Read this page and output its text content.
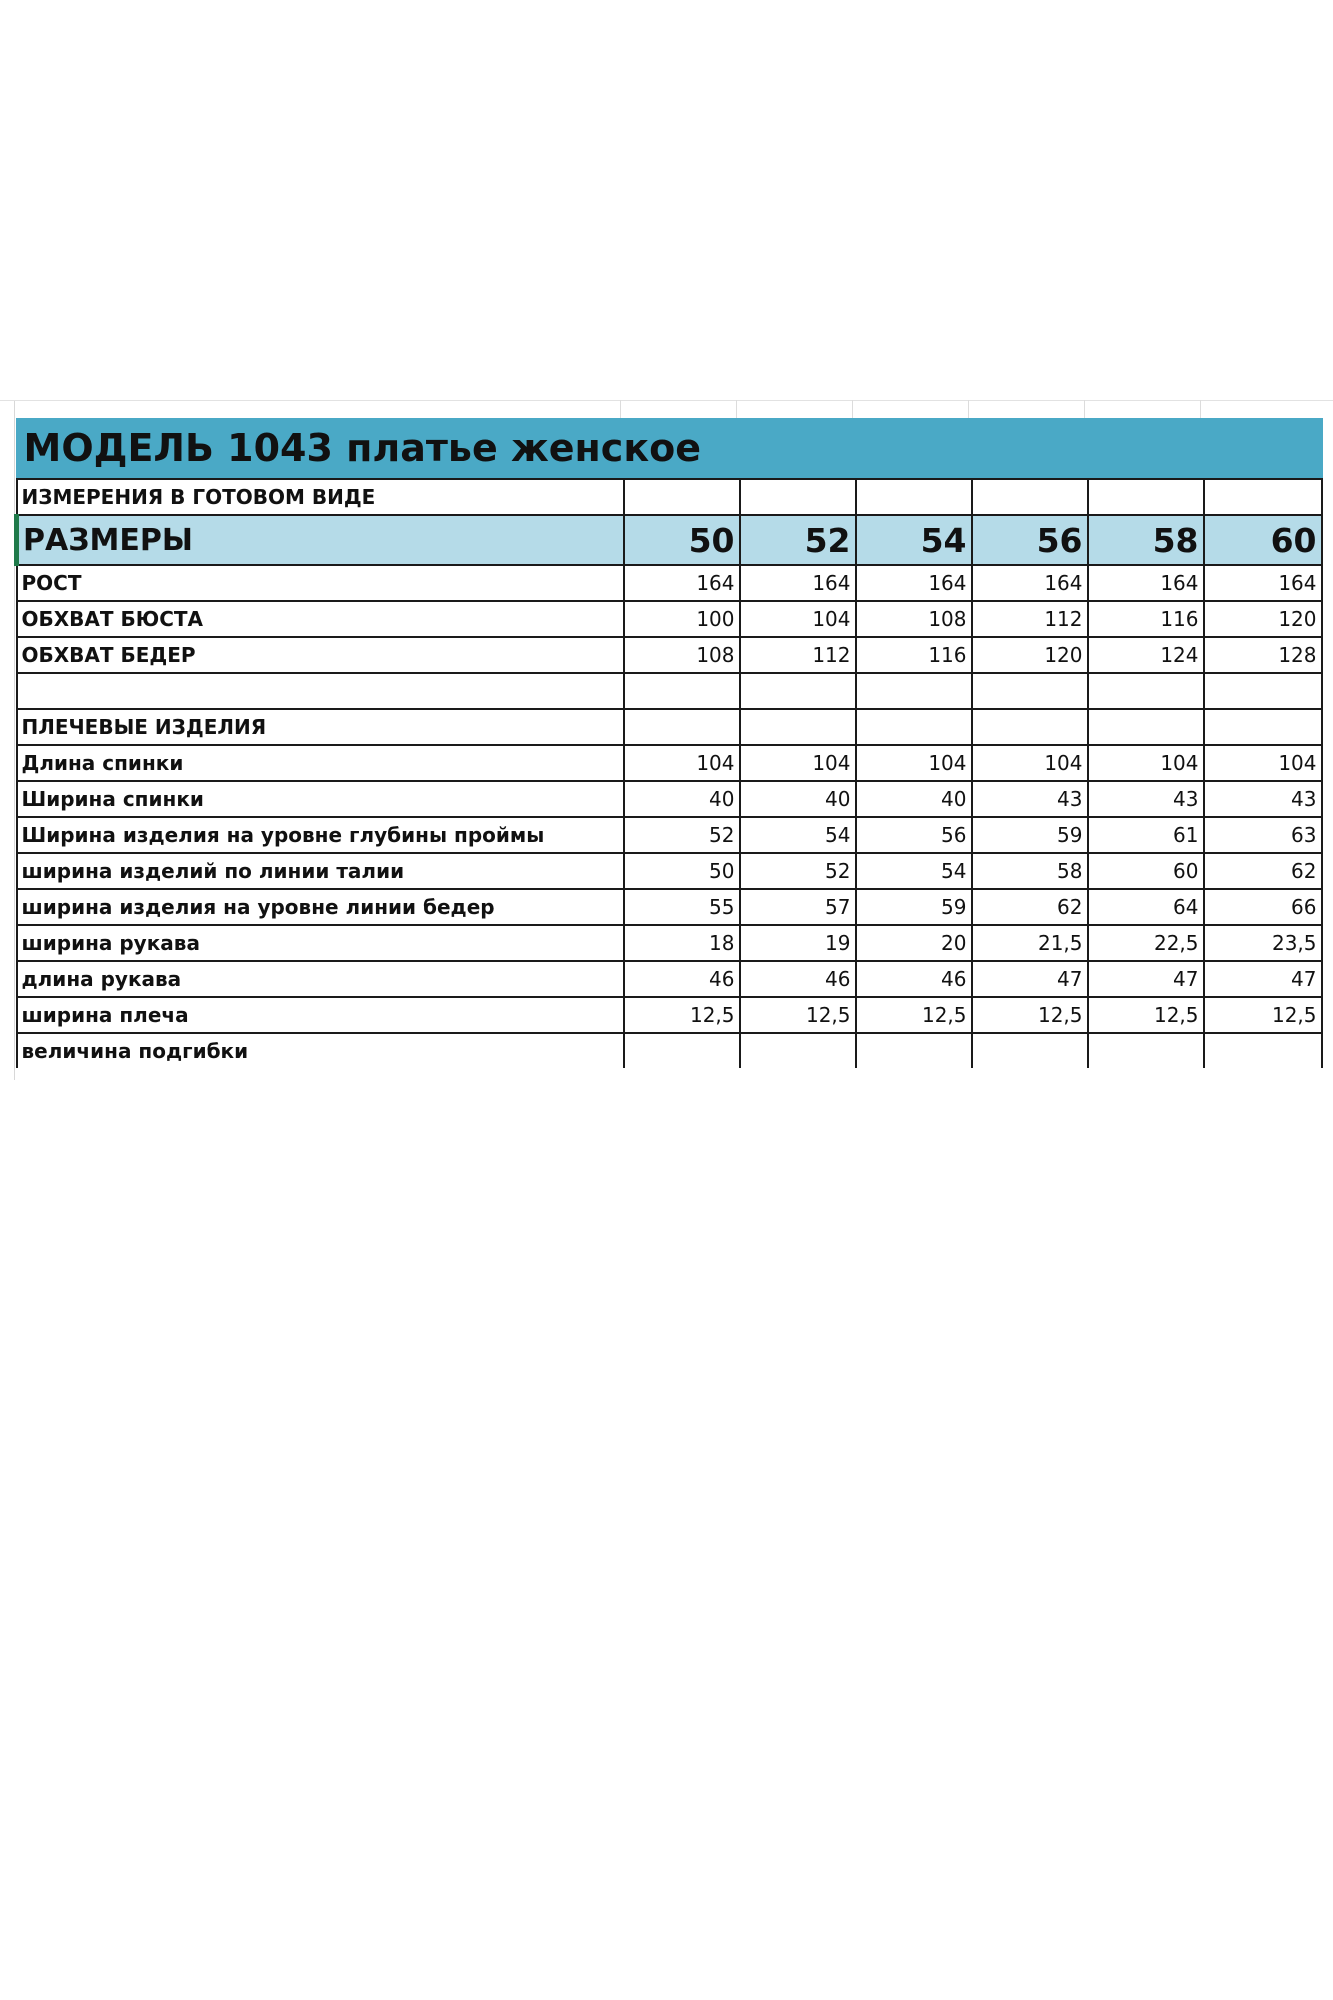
МОДЕЛЬ 1043 платье женское						
ИЗМЕРЕНИЯ В ГОТОВОМ ВИДЕ						
РАЗМЕРЫ	50	52	54	56	58	60
РОСТ	164	164	164	164	164	164
ОБХВАТ БЮСТА	100	104	108	112	116	120
ОБХВАТ БЕДЕР	108	112	116	120	124	128

ПЛЕЧЕВЫЕ ИЗДЕЛИЯ						
Длина спинки	104	104	104	104	104	104
Ширина спинки	40	40	40	43	43	43
Ширина изделия на уровне глубины проймы	52	54	56	59	61	63
ширина изделий по линии талии	50	52	54	58	60	62
ширина изделия на уровне линии бедер	55	57	59	62	64	66
ширина рукава	18	19	20	21,5	22,5	23,5
длина рукава	46	46	46	47	47	47
ширина плеча	12,5	12,5	12,5	12,5	12,5	12,5
величина подгибки						
